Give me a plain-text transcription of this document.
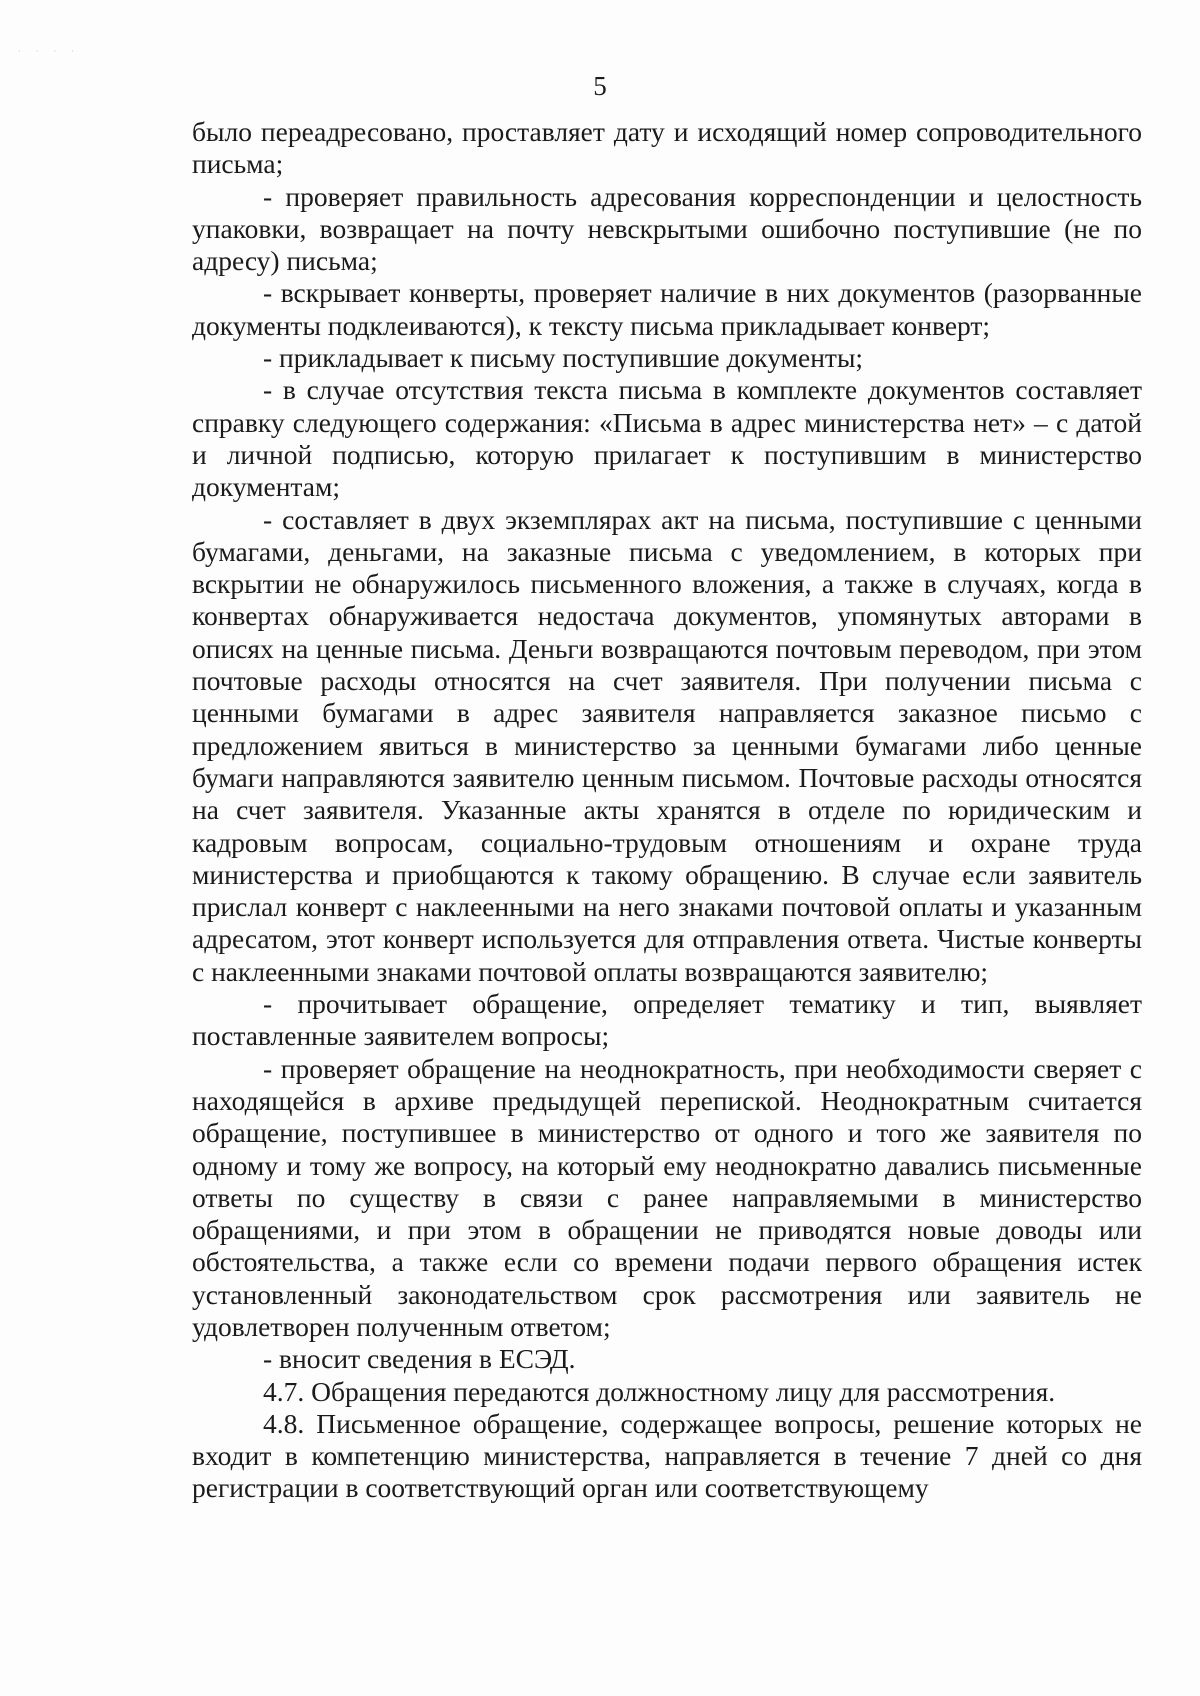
· · · ·
5

было переадресовано, проставляет дату и исходящий номер сопроводительного письма;

- проверяет правильность адресования корреспонденции и целостность упаковки, возвращает на почту невскрытыми ошибочно поступившие (не по адресу) письма;

- вскрывает конверты, проверяет наличие в них документов (разорванные документы подклеиваются), к тексту письма прикладывает конверт;

- прикладывает к письму поступившие документы;

- в случае отсутствия текста письма в комплекте документов составляет справку следующего содержания: «Письма в адрес министерства нет» – с датой и личной подписью, которую прилагает к поступившим в министерство документам;

- составляет в двух экземплярах акт на письма, поступившие с ценными бумагами, деньгами, на заказные письма с уведомлением, в которых при вскрытии не обнаружилось письменного вложения, а также в случаях, когда в конвертах обнаруживается недостача документов, упомянутых авторами в описях на ценные письма. Деньги возвращаются почтовым переводом, при этом почтовые расходы относятся на счет заявителя. При получении письма с ценными бумагами в адрес заявителя направляется заказное письмо с предложением явиться в министерство за ценными бумагами либо ценные бумаги направляются заявителю ценным письмом. Почтовые расходы относятся на счет заявителя. Указанные акты хранятся в отделе по юридическим и кадровым вопросам, социально-трудовым отношениям и охране труда министерства и приобщаются к такому обращению. В случае если заявитель прислал конверт с наклеенными на него знаками почтовой оплаты и указанным адресатом, этот конверт используется для отправления ответа. Чистые конверты с наклеенными знаками почтовой оплаты возвращаются заявителю;

- прочитывает обращение, определяет тематику и тип, выявляет поставленные заявителем вопросы;

- проверяет обращение на неоднократность, при необходимости сверяет с находящейся в архиве предыдущей перепиской. Неоднократным считается обращение, поступившее в министерство от одного и того же заявителя по одному и тому же вопросу, на который ему неоднократно давались письменные ответы по существу в связи с ранее направляемыми в министерство обращениями, и при этом в обращении не приводятся новые доводы или обстоятельства, а также если со времени подачи первого обращения истек установленный законодательством срок рассмотрения или заявитель не удовлетворен полученным ответом;

- вносит сведения в ЕСЭД.

4.7. Обращения передаются должностному лицу для рассмотрения.

4.8. Письменное обращение, содержащее вопросы, решение которых не входит в компетенцию министерства, направляется в течение 7 дней со дня регистрации в соответствующий орган или соответствующему
